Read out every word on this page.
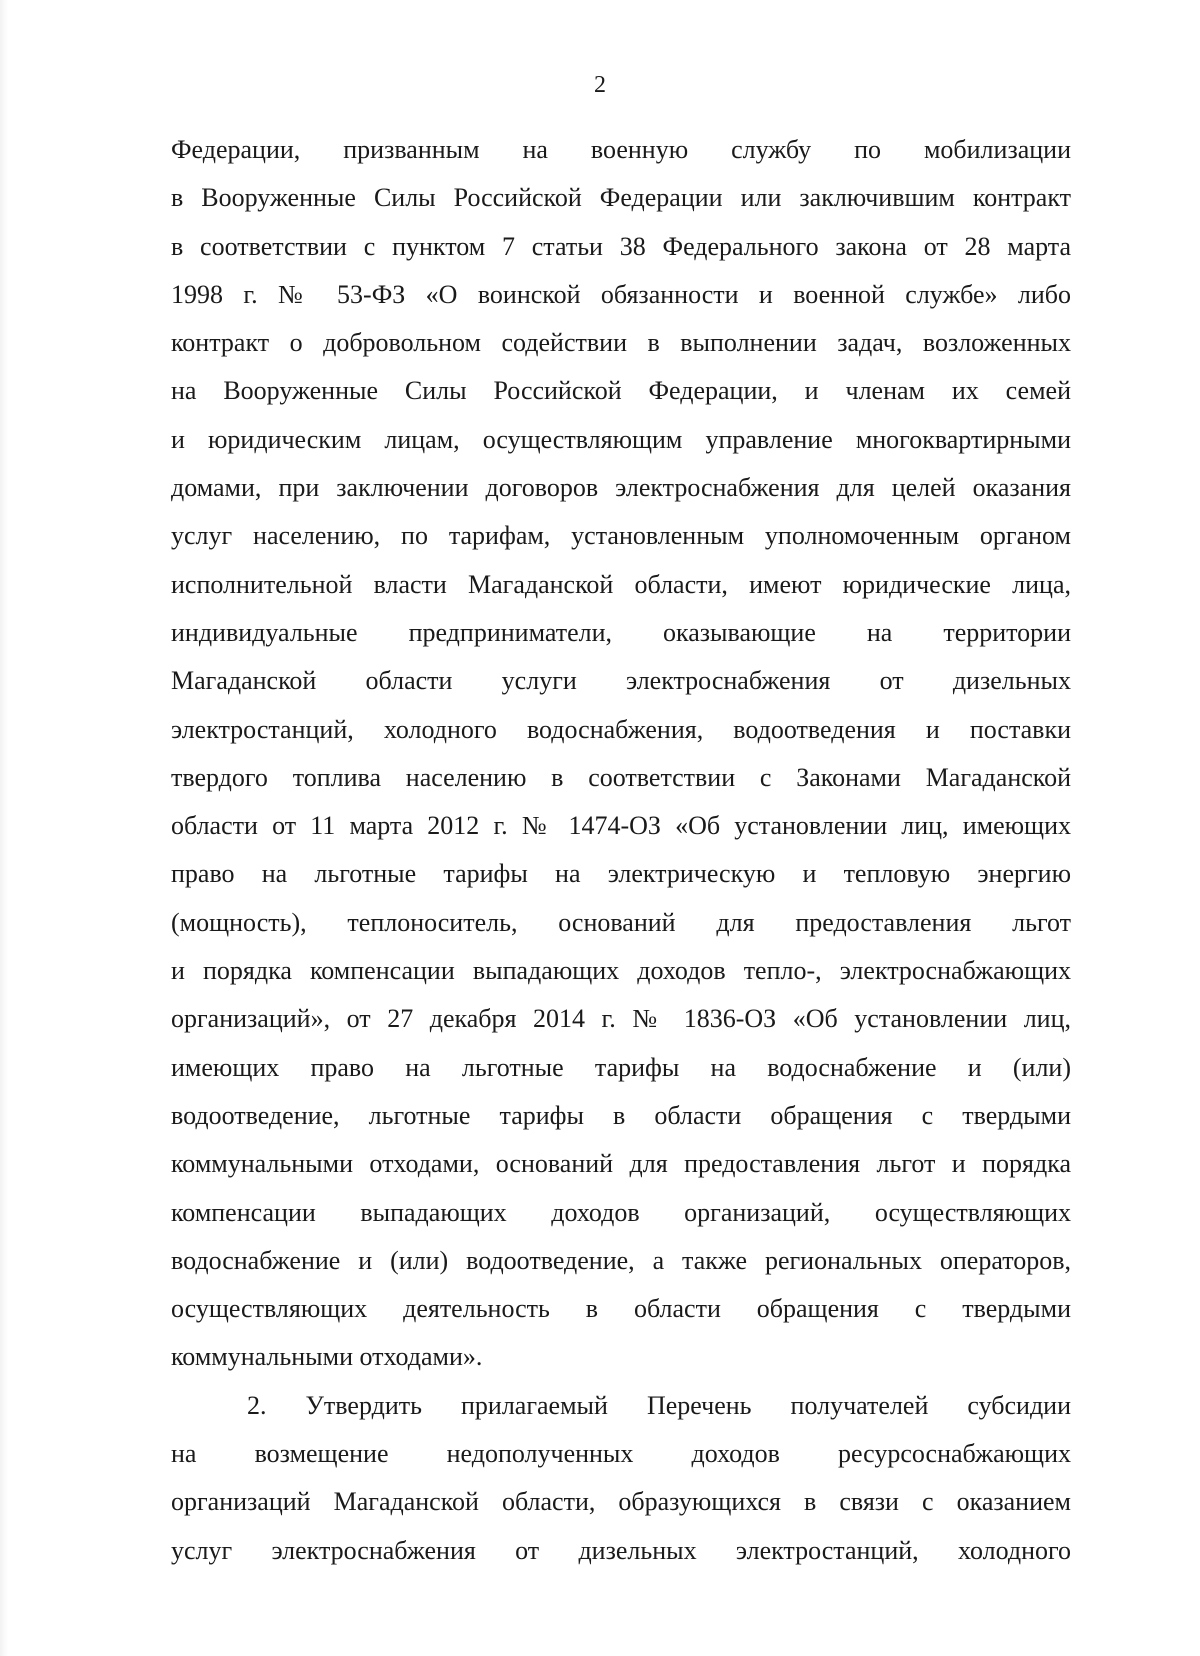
2
Федерации, призванным на военную службу по мобилизации
в Вооруженные Силы Российской Федерации или заключившим контракт
в соответствии с пунктом 7 статьи 38 Федерального закона от 28 марта
1998 г. № 53-ФЗ «О воинской обязанности и военной службе» либо
контракт о добровольном содействии в выполнении задач, возложенных
на Вооруженные Силы Российской Федерации, и членам их семей
и юридическим лицам, осуществляющим управление многоквартирными
домами, при заключении договоров электроснабжения для целей оказания
услуг населению, по тарифам, установленным уполномоченным органом
исполнительной власти Магаданской области, имеют юридические лица,
индивидуальные предприниматели, оказывающие на территории
Магаданской области услуги электроснабжения от дизельных
электростанций, холодного водоснабжения, водоотведения и поставки
твердого топлива населению в соответствии с Законами Магаданской
области от 11 марта 2012 г. № 1474-ОЗ «Об установлении лиц, имеющих
право на льготные тарифы на электрическую и тепловую энергию
(мощность), теплоноситель, оснований для предоставления льгот
и порядка компенсации выпадающих доходов тепло-, электроснабжающих
организаций», от 27 декабря 2014 г. № 1836-ОЗ «Об установлении лиц,
имеющих право на льготные тарифы на водоснабжение и (или)
водоотведение, льготные тарифы в области обращения с твердыми
коммунальными отходами, оснований для предоставления льгот и порядка
компенсации выпадающих доходов организаций, осуществляющих
водоснабжение и (или) водоотведение, а также региональных операторов,
осуществляющих деятельность в области обращения с твердыми
коммунальными отходами».
2. Утвердить прилагаемый Перечень получателей субсидии
на возмещение недополученных доходов ресурсоснабжающих
организаций Магаданской области, образующихся в связи с оказанием
услуг электроснабжения от дизельных электростанций, холодного
